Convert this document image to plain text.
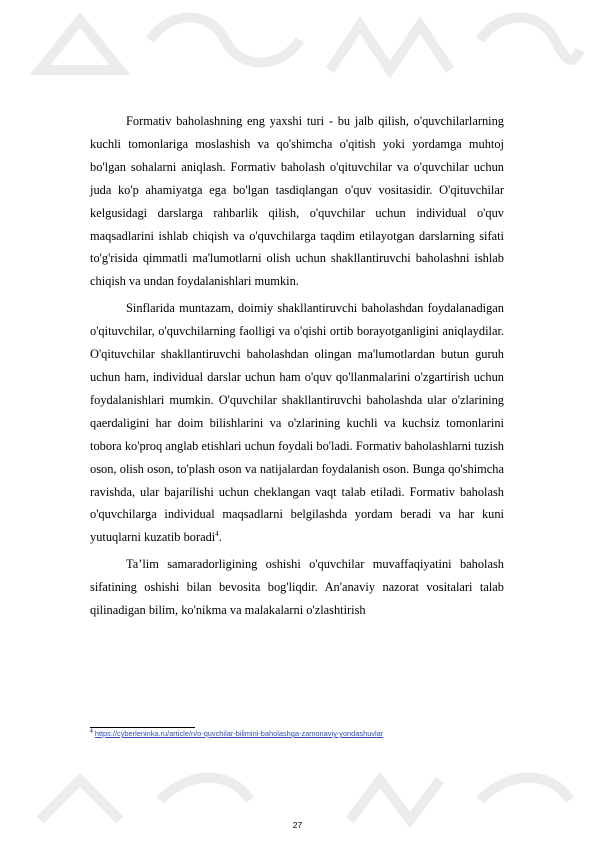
Formativ baholashning eng yaxshi turi - bu jalb qilish, o'quvchilarlarning kuchli tomonlariga moslashish va qo'shimcha o'qitish yoki yordamga muhtoj bo'lgan sohalarni aniqlash. Formativ baholash o'qituvchilar va o'quvchilar uchun juda ko'p ahamiyatga ega bo'lgan tasdiqlangan o'quv vositasidir. O'qituvchilar kelgusidagi darslarga rahbarlik qilish, o'quvchilar uchun individual o'quv maqsadlarini ishlab chiqish va o'quvchilarga taqdim etilayotgan darslarning sifati to'g'risida qimmatli ma'lumotlarni olish uchun shakllantiruvchi baholashni ishlab chiqish va undan foydalanishlari mumkin.

Sinflarida muntazam, doimiy shakllantiruvchi baholashdan foydalanadigan o'qituvchilar, o'quvchilarning faolligi va o'qishi ortib borayotganligini aniqlaydilar. O'qituvchilar shakllantiruvchi baholashdan olingan ma'lumotlardan butun guruh uchun ham, individual darslar uchun ham o'quv qo'llanmalarini o'zgartirish uchun foydalanishlari mumkin. O'quvchilar shakllantiruvchi baholashda ular o'zlarining qaerdaligini har doim bilishlarini va o'zlarining kuchli va kuchsiz tomonlarini tobora ko'proq anglab etishlari uchun foydali bo'ladi. Formativ baholashlarni tuzish oson, olish oson, to'plash oson va natijalardan foydalanish oson. Bunga qo'shimcha ravishda, ular bajarilishi uchun cheklangan vaqt talab etiladi. Formativ baholash o'quvchilarga individual maqsadlarni belgilashda yordam beradi va har kuni yutuqlarni kuzatib boradi$^4$.

Ta’lim samaradorligining oshishi o'quvchilar muvaffaqiyatini baholash sifatining oshishi bilan bevosita bog'liqdir. An'anaviy nazorat vositalari talab qilinadigan bilim, ko'nikma va malakalarni o'zlashtirish

$^4$ https://cyberleninka.ru/article/n/o-quvchilar-bilimini-baholashga-zamonaviy-yondashuvlar
27
